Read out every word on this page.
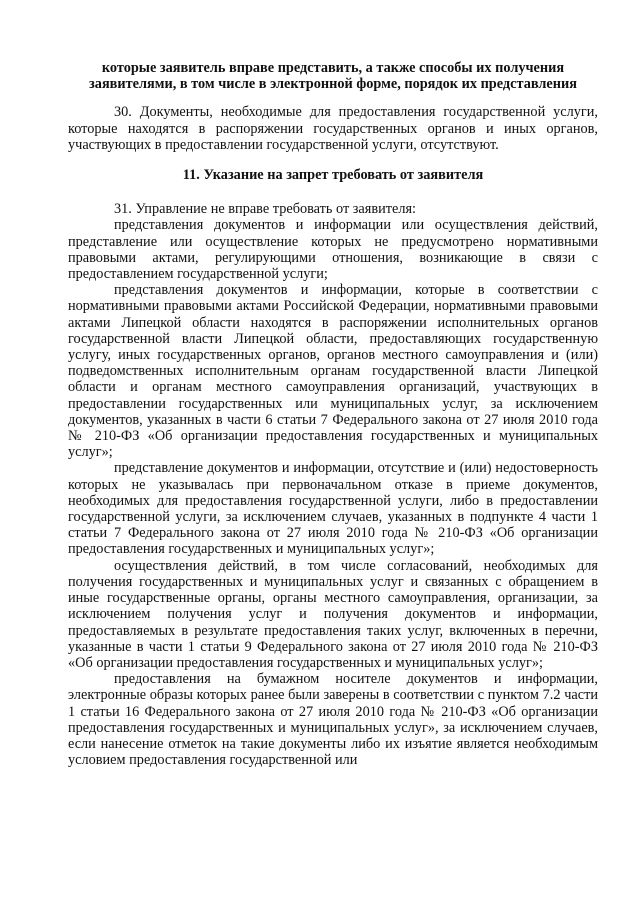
которые заявитель вправе представить, а также способы их получения
заявителями, в том числе в электронной форме, порядок их представления

30. Документы, необходимые для предоставления государственной услуги, которые находятся в распоряжении государственных органов и иных органов, участвующих в предоставлении государственной услуги, отсутствуют.

11. Указание на запрет требовать от заявителя

31. Управление не вправе требовать от заявителя:

представления документов и информации или осуществления действий, представление или осуществление которых не предусмотрено нормативными правовыми актами, регулирующими отношения, возникающие в связи с предоставлением государственной услуги;

представления документов и информации, которые в соответствии с нормативными правовыми актами Российской Федерации, нормативными правовыми актами Липецкой области находятся в распоряжении исполнительных органов государственной власти Липецкой области, предоставляющих государственную услугу, иных государственных органов, органов местного самоуправления и (или) подведомственных исполнительным органам государственной власти Липецкой области и органам местного самоуправления организаций, участвующих в предоставлении государственных или муниципальных услуг, за исключением документов, указанных в части 6 статьи 7 Федерального закона от 27 июля 2010 года № 210-ФЗ «Об организации предоставления государственных и муниципальных услуг»;

представление документов и информации, отсутствие и (или) недостоверность которых не указывалась при первоначальном отказе в приеме документов, необходимых для предоставления государственной услуги, либо в предоставлении государственной услуги, за исключением случаев, указанных в подпункте 4 части 1 статьи 7 Федерального закона от 27 июля 2010 года № 210-ФЗ «Об организации предоставления государственных и муниципальных услуг»;

осуществления действий, в том числе согласований, необходимых для получения государственных и муниципальных услуг и связанных с обращением в иные государственные органы, органы местного самоуправления, организации, за исключением получения услуг и получения документов и информации, предоставляемых в результате предоставления таких услуг, включенных в перечни, указанные в части 1 статьи 9 Федерального закона от 27 июля 2010 года № 210-ФЗ «Об организации предоставления государственных и муниципальных услуг»;

предоставления на бумажном носителе документов и информации, электронные образы которых ранее были заверены в соответствии с пунктом 7.2 части 1 статьи 16 Федерального закона от 27 июля 2010 года № 210-ФЗ «Об организации предоставления государственных и муниципальных услуг», за исключением случаев, если нанесение отметок на такие документы либо их изъятие является необходимым условием предоставления государственной или
